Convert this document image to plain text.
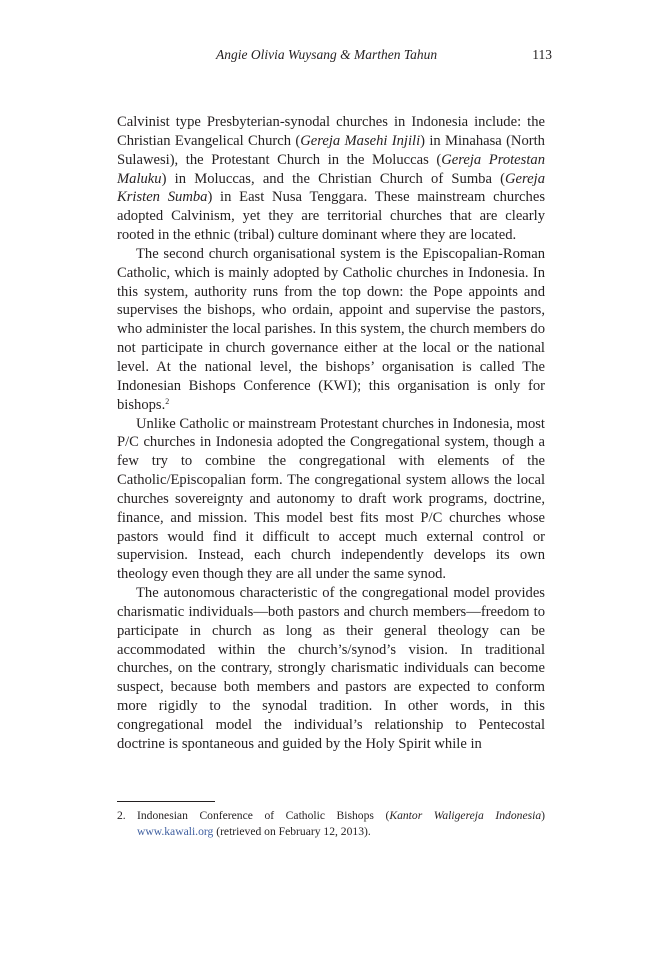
Angie Olivia Wuysang & Marthen Tahun	113

Calvinist type Presbyterian-synodal churches in Indonesia include: the Christian Evangelical Church (Gereja Masehi Injili) in Minahasa (North Sulawesi), the Protestant Church in the Moluccas (Gereja Protestan Maluku) in Moluccas, and the Christian Church of Sumba (Gereja Kristen Sumba) in East Nusa Tenggara. These mainstream churches adopted Calvinism, yet they are territorial churches that are clearly rooted in the ethnic (tribal) culture dominant where they are located.

The second church organisational system is the Episcopalian-Roman Catholic, which is mainly adopted by Catholic churches in Indonesia. In this system, authority runs from the top down: the Pope appoints and supervises the bishops, who ordain, appoint and supervise the pastors, who administer the local parishes. In this system, the church members do not participate in church governance either at the local or the national level. At the national level, the bishops’ organisation is called The Indonesian Bishops Conference (KWI); this organisation is only for bishops.$^2$

Unlike Catholic or mainstream Protestant churches in Indonesia, most P/C churches in Indonesia adopted the Congregational system, though a few try to combine the congregational with elements of the Catholic/Episcopalian form. The congregational system allows the local churches sovereignty and autonomy to draft work programs, doctrine, finance, and mission. This model best fits most P/C churches whose pastors would find it difficult to accept much external control or supervision. Instead, each church independently develops its own theology even though they are all under the same synod.

The autonomous characteristic of the congregational model provides charismatic individuals—both pastors and church members—freedom to participate in church as long as their general theology can be accommodated within the church’s/synod’s vision. In traditional churches, on the contrary, strongly charismatic individuals can become suspect, because both members and pastors are expected to conform more rigidly to the synodal tradition. In other words, in this congregational model the individual’s relationship to Pentecostal doctrine is spontaneous and guided by the Holy Spirit while in

2. Indonesian Conference of Catholic Bishops (Kantor Waligereja Indonesia) www.kawali.org (retrieved on February 12, 2013).
